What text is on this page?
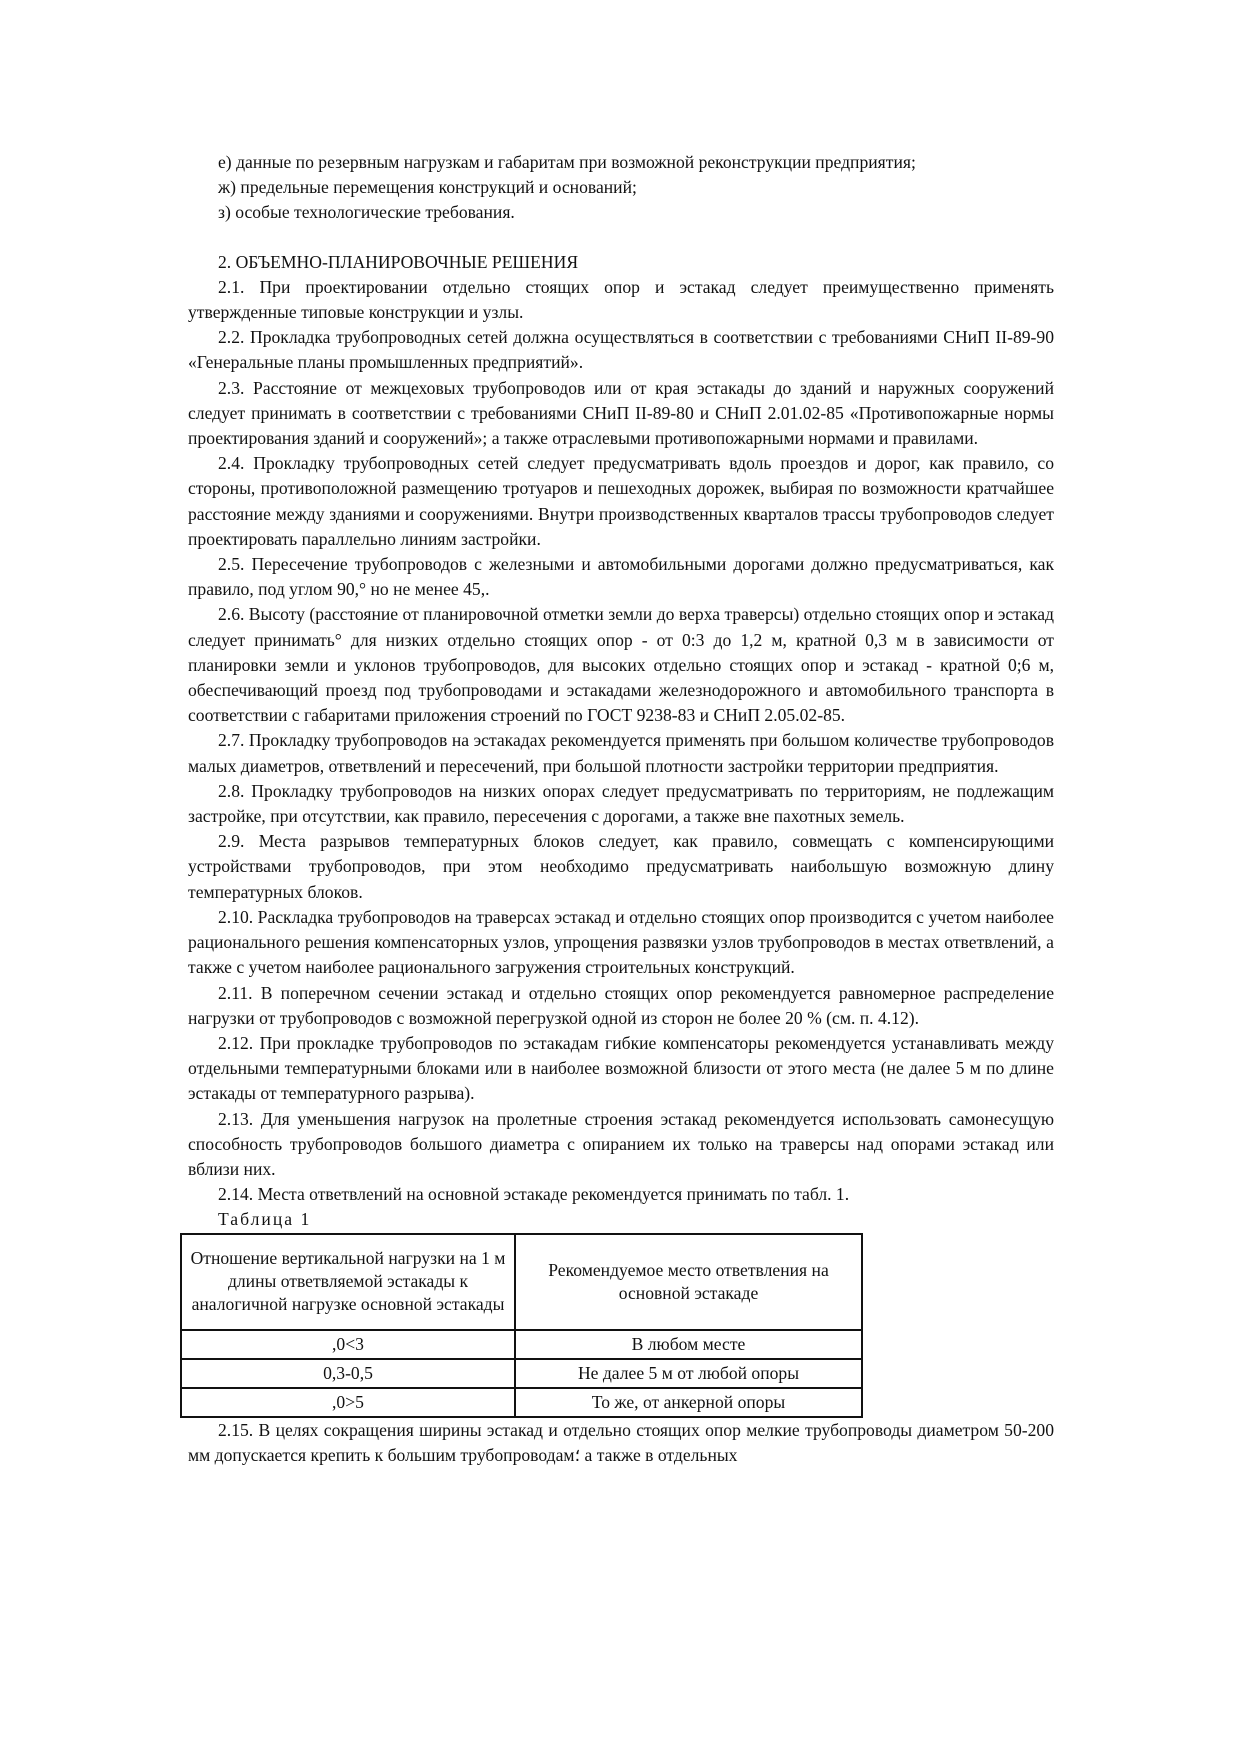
е) данные по резервным нагрузкам и габаритам при возможной реконструкции предприятия;

ж) предельные перемещения конструкций и оснований;

з) особые технологические требования.

2. ОБЪЕМНО-ПЛАНИРОВОЧНЫЕ РЕШЕНИЯ

2.1. При проектировании отдельно стоящих опор и эстакад следует преимущественно применять утвержденные типовые конструкции и узлы.

2.2. Прокладка трубопроводных сетей должна осуществляться в соответствии с требованиями СНиП II-89-90 «Генеральные планы промышленных предприятий».

2.3. Расстояние от межцеховых трубопроводов или от края эстакады до зданий и наружных сооружений следует принимать в соответствии с требованиями СНиП II-89-80 и СНиП 2.01.02-85 «Противопожарные нормы проектирования зданий и сооружений»; а также отраслевыми противопожарными нормами и правилами.

2.4. Прокладку трубопроводных сетей следует предусматривать вдоль проездов и дорог, как правило, со стороны, противоположной размещению тротуаров и пешеходных дорожек, выбирая по возможности кратчайшее расстояние между зданиями и сооружениями. Внутри производственных кварталов трассы трубопроводов следует проектировать параллельно линиям застройки.

2.5. Пересечение трубопроводов с железными и автомобильными дорогами должно предусматриваться, как правило, под углом 90,° но не менее 45,.

2.6. Высоту (расстояние от планировочной отметки земли до верха траверсы) отдельно стоящих опор и эстакад следует принимать° для низких отдельно стоящих опор - от 0:3 до 1,2 м, кратной 0,3 м в зависимости от планировки земли и уклонов трубопроводов, для высоких отдельно стоящих опор и эстакад - кратной 0;6 м, обеспечивающий проезд под трубопроводами и эстакадами железнодорожного и автомобильного транспорта в соответствии с габаритами приложения строений по ГОСТ 9238-83 и СНиП 2.05.02-85.

2.7. Прокладку трубопроводов на эстакадах рекомендуется применять при большом количестве трубопроводов малых диаметров, ответвлений и пересечений, при большой плотности застройки территории предприятия.

2.8. Прокладку трубопроводов на низких опорах следует предусматривать по территориям, не подлежащим застройке, при отсутствии, как правило, пересечения с дорогами, а также вне пахотных земель.

2.9. Места разрывов температурных блоков следует, как правило, совмещать с компенсирующими устройствами трубопроводов, при этом необходимо предусматривать наибольшую возможную длину температурных блоков.

2.10. Раскладка трубопроводов на траверсах эстакад и отдельно стоящих опор производится с учетом наиболее рационального решения компенсаторных узлов, упрощения развязки узлов трубопроводов в местах ответвлений, а также с учетом наиболее рационального загружения строительных конструкций.

2.11. В поперечном сечении эстакад и отдельно стоящих опор рекомендуется равномерное распределение нагрузки от трубопроводов с возможной перегрузкой одной из сторон не более 20 % (см. п. 4.12).

2.12. При прокладке трубопроводов по эстакадам гибкие компенсаторы рекомендуется устанавливать между отдельными температурными блоками или в наиболее возможной близости от этого места (не далее 5 м по длине эстакады от температурного разрыва).

2.13. Для уменьшения нагрузок на пролетные строения эстакад рекомендуется использовать самонесущую способность трубопроводов большого диаметра с опиранием их только на траверсы над опорами эстакад или вблизи них.

2.14. Места ответвлений на основной эстакаде рекомендуется принимать по табл. 1.

Таблица 1

Отношение вертикальной нагрузки на 1 м длины ответвляемой эстакады к аналогичной нагрузке основной эстакады	Рекомендуемое место ответвления на основной эстакаде
,0<3	В любом месте
0,3-0,5	Не далее 5 м от любой опоры
,0>5	То же, от анкерной опоры

2.15. В целях сокращения ширины эстакад и отдельно стоящих опор мелкие трубопроводы диаметром 50-200 мм допускается крепить к большим трубопроводам؛ а также в отдельных
